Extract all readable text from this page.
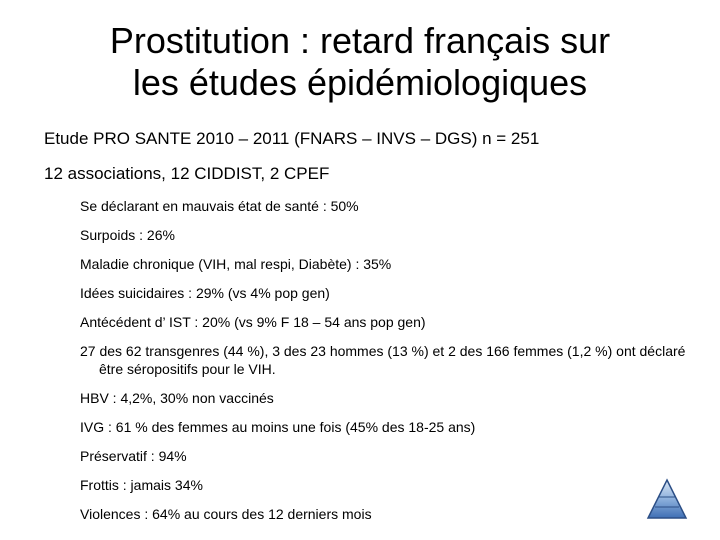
Prostitution : retard français sur
les études épidémiologiques

Etude PRO SANTE 2010 – 2011 (FNARS – INVS – DGS) n = 251

12 associations, 12 CIDDIST, 2 CPEF

Se déclarant en mauvais état de santé : 50%
Surpoids : 26%
Maladie chronique (VIH, mal respi, Diabète) : 35%
Idées suicidaires : 29% (vs 4% pop gen)
Antécédent d’ IST : 20% (vs 9% F 18 – 54 ans pop gen)
27 des 62 transgenres (44 %), 3 des 23 hommes (13 %) et 2 des 166 femmes (1,2 %) ont déclaré être séropositifs pour le VIH.
HBV : 4,2%, 30% non vaccinés
IVG : 61 % des femmes au moins une fois (45% des 18-25 ans)
Préservatif : 94%
Frottis : jamais 34%
Violences : 64% au cours des 12 derniers mois
